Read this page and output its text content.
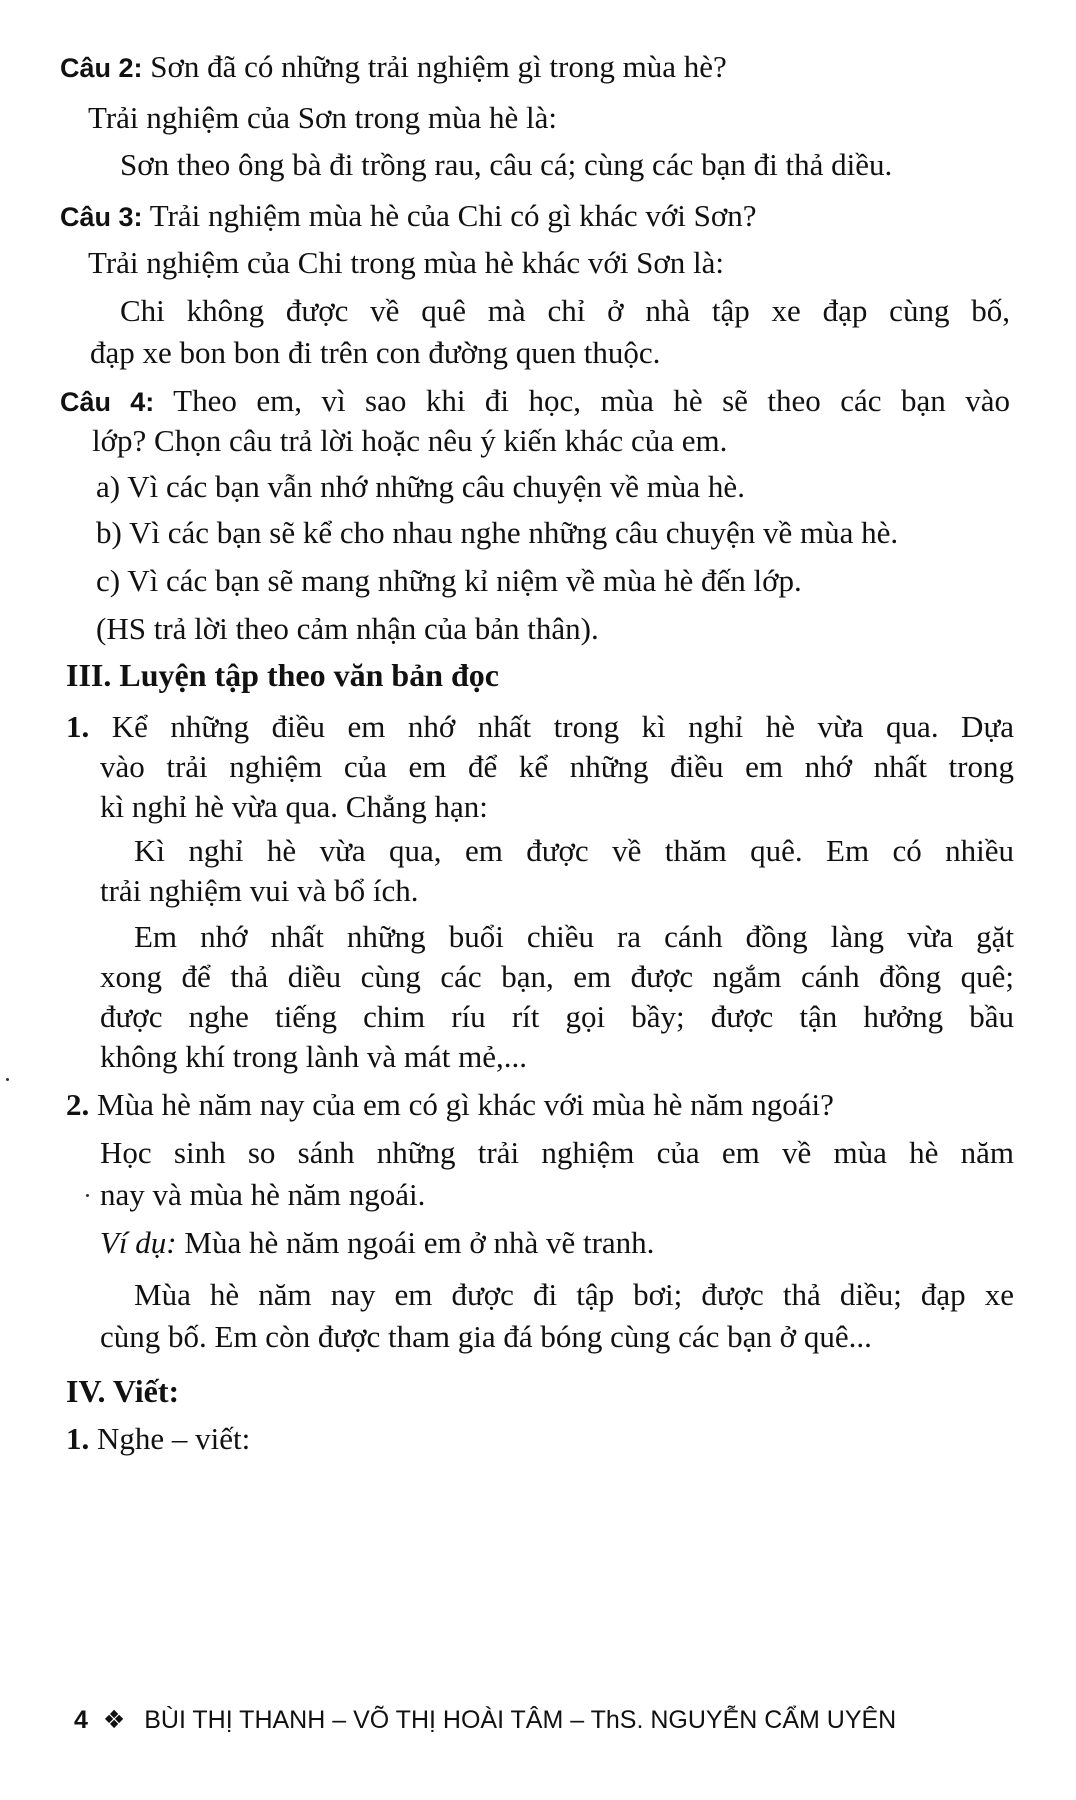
Câu 2: Sơn đã có những trải nghiệm gì trong mùa hè?
Trải nghiệm của Sơn trong mùa hè là:
Sơn theo ông bà đi trồng rau, câu cá; cùng các bạn đi thả diều.
Câu 3: Trải nghiệm mùa hè của Chi có gì khác với Sơn?
Trải nghiệm của Chi trong mùa hè khác với Sơn là:
Chi không được về quê mà chỉ ở nhà tập xe đạp cùng bố,
đạp xe bon bon đi trên con đường quen thuộc.
Câu 4: Theo em, vì sao khi đi học, mùa hè sẽ theo các bạn vào
lớp? Chọn câu trả lời hoặc nêu ý kiến khác của em.
a) Vì các bạn vẫn nhớ những câu chuyện về mùa hè.
b) Vì các bạn sẽ kể cho nhau nghe những câu chuyện về mùa hè.
c) Vì các bạn sẽ mang những kỉ niệm về mùa hè đến lớp.
(HS trả lời theo cảm nhận của bản thân).
III. Luyện tập theo văn bản đọc
1. Kể những điều em nhớ nhất trong kì nghỉ hè vừa qua. Dựa
vào trải nghiệm của em để kể những điều em nhớ nhất trong
kì nghỉ hè vừa qua. Chẳng hạn:
Kì nghỉ hè vừa qua, em được về thăm quê. Em có nhiều
trải nghiệm vui và bổ ích.
Em nhớ nhất những buổi chiều ra cánh đồng làng vừa gặt
xong để thả diều cùng các bạn, em được ngắm cánh đồng quê;
được nghe tiếng chim ríu rít gọi bầy; được tận hưởng bầu
không khí trong lành và mát mẻ,...
2. Mùa hè năm nay của em có gì khác với mùa hè năm ngoái?
Học sinh so sánh những trải nghiệm của em về mùa hè năm
nay và mùa hè năm ngoái.
Ví dụ: Mùa hè năm ngoái em ở nhà vẽ tranh.
Mùa hè năm nay em được đi tập bơi; được thả diều; đạp xe
cùng bố. Em còn được tham gia đá bóng cùng các bạn ở quê...
IV. Viết:
1. Nghe – viết:
4 ❖ BÙI THỊ THANH – VÕ THỊ HOÀI TÂM – ThS. NGUYỄN CẨM UYÊN
